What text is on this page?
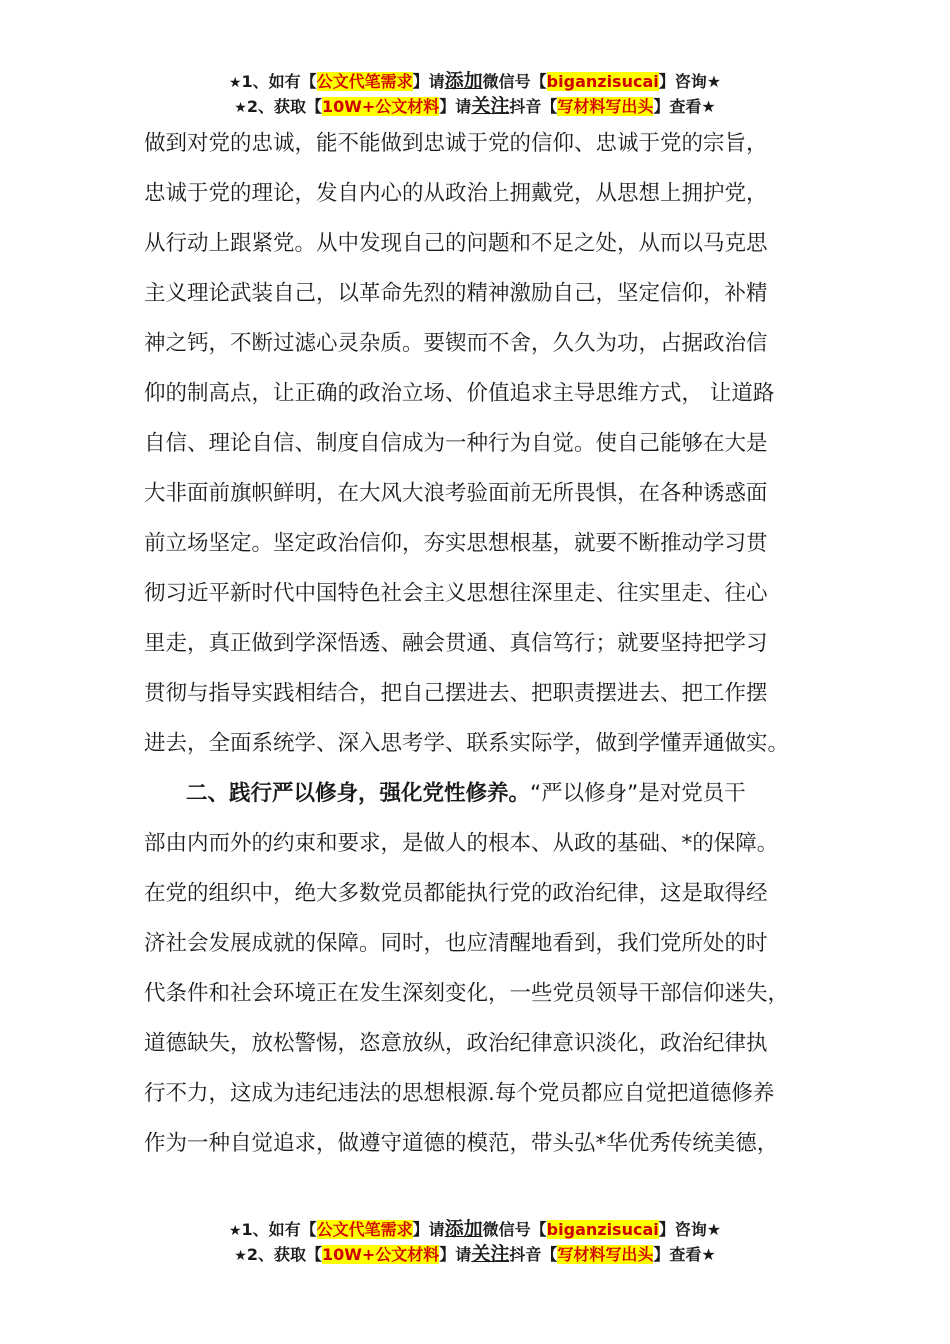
★1、如有【公文代笔需求】请添加微信号【biganzisucai】咨询★
★2、获取【10W+公文材料】请关注抖音【写材料写出头】查看★
做到对党的忠诚，能不能做到忠诚于党的信仰、忠诚于党的宗旨，
忠诚于党的理论，发自内心的从政治上拥戴党，从思想上拥护党，
从行动上跟紧党。从中发现自己的问题和不足之处，从而以马克思
主义理论武装自己，以革命先烈的精神激励自己，坚定信仰，补精
神之钙，不断过滤心灵杂质。要锲而不舍，久久为功，占据政治信
仰的制高点，让正确的政治立场、价值追求主导思维方式， 让道路
自信、理论自信、制度自信成为一种行为自觉。使自己能够在大是
大非面前旗帜鲜明，在大风大浪考验面前无所畏惧，在各种诱惑面
前立场坚定。坚定政治信仰，夯实思想根基，就要不断推动学习贯
彻习近平新时代中国特色社会主义思想往深里走、往实里走、往心
里走，真正做到学深悟透、融会贯通、真信笃行；就要坚持把学习
贯彻与指导实践相结合，把自己摆进去、把职责摆进去、把工作摆
进去，全面系统学、深入思考学、联系实际学，做到学懂弄通做实。
二、践行严以修身，强化党性修养。“严以修身”是对党员干
部由内而外的约束和要求，是做人的根本、从政的基础、*的保障。
在党的组织中，绝大多数党员都能执行党的政治纪律，这是取得经
济社会发展成就的保障。同时，也应清醒地看到，我们党所处的时
代条件和社会环境正在发生深刻变化，一些党员领导干部信仰迷失，
道德缺失，放松警惕，恣意放纵，政治纪律意识淡化，政治纪律执
行不力，这成为违纪违法的思想根源.每个党员都应自觉把道德修养
作为一种自觉追求，做遵守道德的模范，带头弘*华优秀传统美德，
★1、如有【公文代笔需求】请添加微信号【biganzisucai】咨询★
★2、获取【10W+公文材料】请关注抖音【写材料写出头】查看★
